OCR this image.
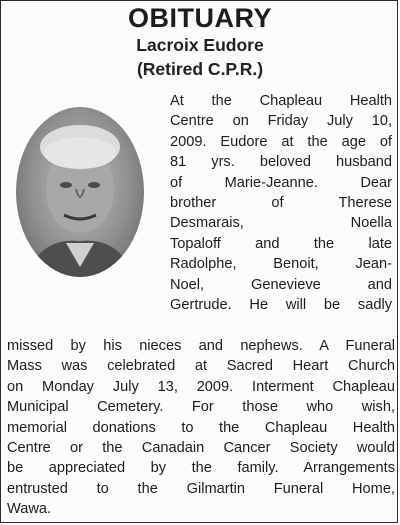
OBITUARY
Lacroix Eudore
(Retired C.P.R.)
At the Chapleau Health
Centre on Friday July 10,
2009. Eudore at the age of
81 yrs. beloved husband
of Marie-Jeanne. Dear
brother of Therese
Desmarais, Noella
Topaloff and the late
Radolphe, Benoit, Jean-
Noel, Genevieve and
Gertrude. He will be sadly
missed by his nieces and nephews. A Funeral
Mass was celebrated at Sacred Heart Church
on Monday July 13, 2009. Interment Chapleau
Municipal Cemetery. For those who wish,
memorial donations to the Chapleau Health
Centre or the Canadain Cancer Society would
be appreciated by the family. Arrangements
entrusted to the Gilmartin Funeral Home,
Wawa.
